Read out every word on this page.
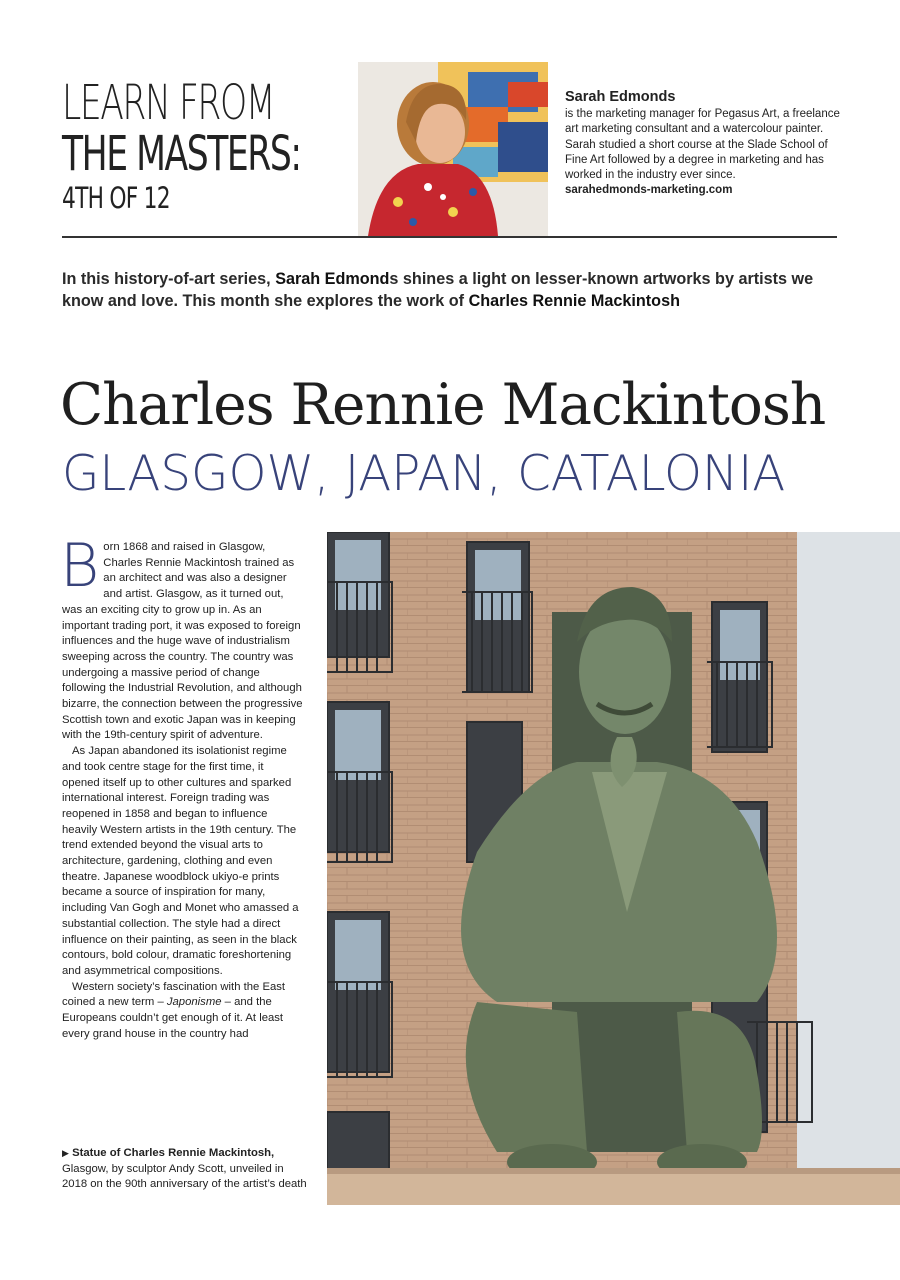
LEARN FROM
THE MASTERS:
4TH OF 12
Sarah Edmonds
is the marketing manager for Pegasus Art, a freelance art marketing consultant and a watercolour painter. Sarah studied a short course at the Slade School of Fine Art followed by a degree in marketing and has worked in the industry ever since.
sarahedmonds-marketing.com
In this history-of-art series, Sarah Edmonds shines a light on lesser-known artworks by artists we know and love. This month she explores the work of Charles Rennie Mackintosh
Charles Rennie Mackintosh
GLASGOW, JAPAN, CATALONIA

Born 1868 and raised in Glasgow, Charles Rennie Mackintosh trained as an architect and was also a designer and artist. Glasgow, as it turned out, was an exciting city to grow up in. As an important trading port, it was exposed to foreign influences and the huge wave of industrialism sweeping across the country. The country was undergoing a massive period of change following the Industrial Revolution, and although bizarre, the connection between the progressive Scottish town and exotic Japan was in keeping with the 19th-century spirit of adventure.

As Japan abandoned its isolationist regime and took centre stage for the first time, it opened itself up to other cultures and sparked international interest. Foreign trading was reopened in 1858 and began to influence heavily Western artists in the 19th century. The trend extended beyond the visual arts to architecture, gardening, clothing and even theatre. Japanese woodblock ukiyo-e prints became a source of inspiration for many, including Van Gogh and Monet who amassed a substantial collection. The style had a direct influence on their painting, as seen in the black contours, bold colour, dramatic foreshortening and asymmetrical compositions.

Western society’s fascination with the East coined a new term – Japonisme – and the Europeans couldn’t get enough of it. At least every grand house in the country had

▶ Statue of Charles Rennie Mackintosh, Glasgow, by sculptor Andy Scott, unveiled in 2018 on the 90th anniversary of the artist’s death
